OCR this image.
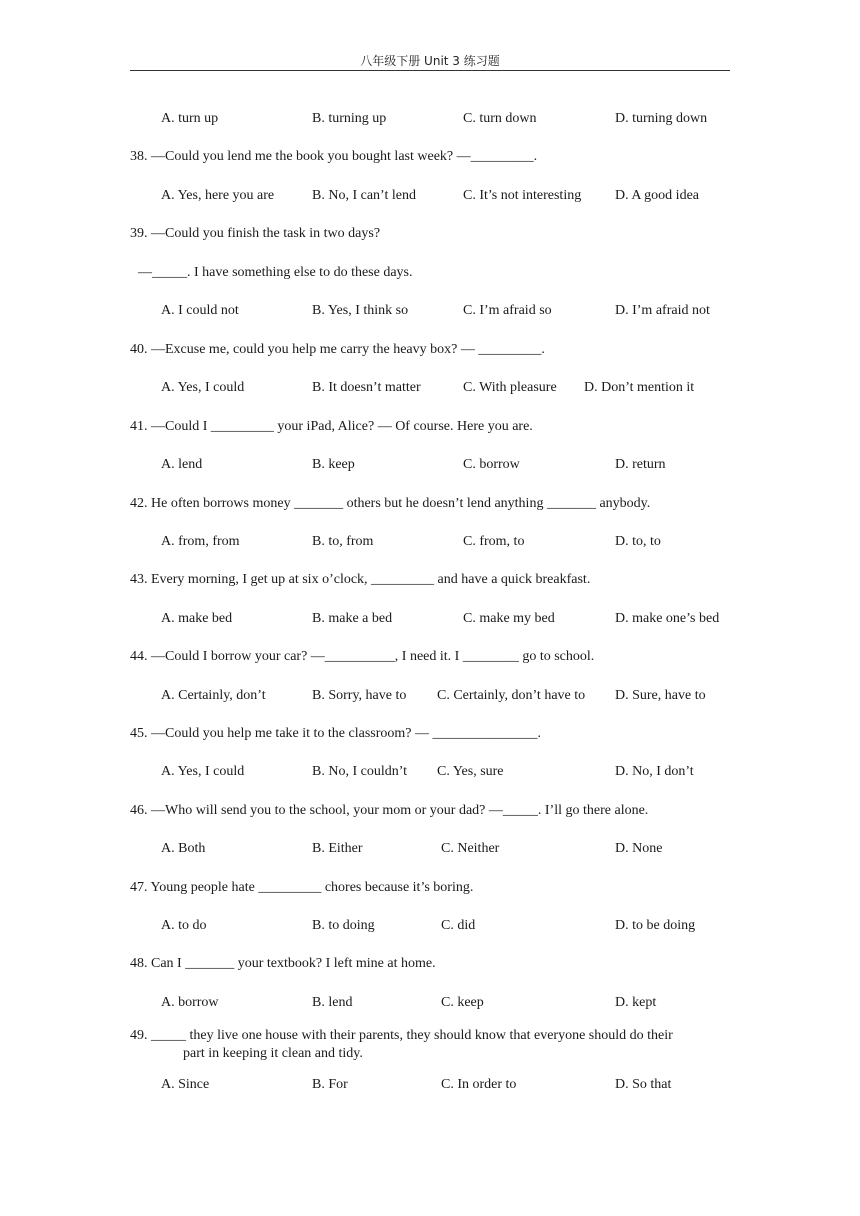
八年级下册 Unit 3 练习题
A. turn up	B. turning up	C. turn down	D. turning down
38. —Could you lend me the book you bought last week? —_________.
A. Yes, here you are	B. No, I can’t lend	C. It’s not interesting D. A good idea
39. —Could you finish the task in two days?
—_____. I have something else to do these days.
A. I could not	B. Yes, I think so	C. I’m afraid so	D. I’m afraid not
40. —Excuse me, could you help me carry the heavy box? — _________.
A. Yes, I could	B. It doesn’t matter	C. With pleasure D. Don’t mention it
41. —Could I _________ your iPad, Alice? — Of course. Here you are.
A. lend	B. keep	C. borrow	D. return
42. He often borrows money _______ others but he doesn’t lend anything _______ anybody.
A. from, from	B. to, from	C. from, to	D. to, to
43. Every morning, I get up at six o’clock, _________ and have a quick breakfast.
A. make bed	B. make a bed	C. make my bed	D. make one’s bed
44. —Could I borrow your car? —__________, I need it. I ________ go to school.
A. Certainly, don’t	B. Sorry, have to C. Certainly, don’t have to D. Sure, have to
45. —Could you help me take it to the classroom? — _______________.
A. Yes, I could	B. No, I couldn’t C. Yes, sure	D. No, I don’t
46. —Who will send you to the school, your mom or your dad? —_____. I’ll go there alone.
A. Both	B. Either	C. Neither	D. None
47. Young people hate _________ chores because it’s boring.
A. to do	B. to doing	C. did	D. to be doing
48. Can I _______ your textbook? I left mine at home.
A. borrow	B. lend	C. keep	D. kept
49. _____ they live one house with their parents, they should know that everyone should do their
part in keeping it clean and tidy.
A. Since	B. For	C. In order to	D. So that
